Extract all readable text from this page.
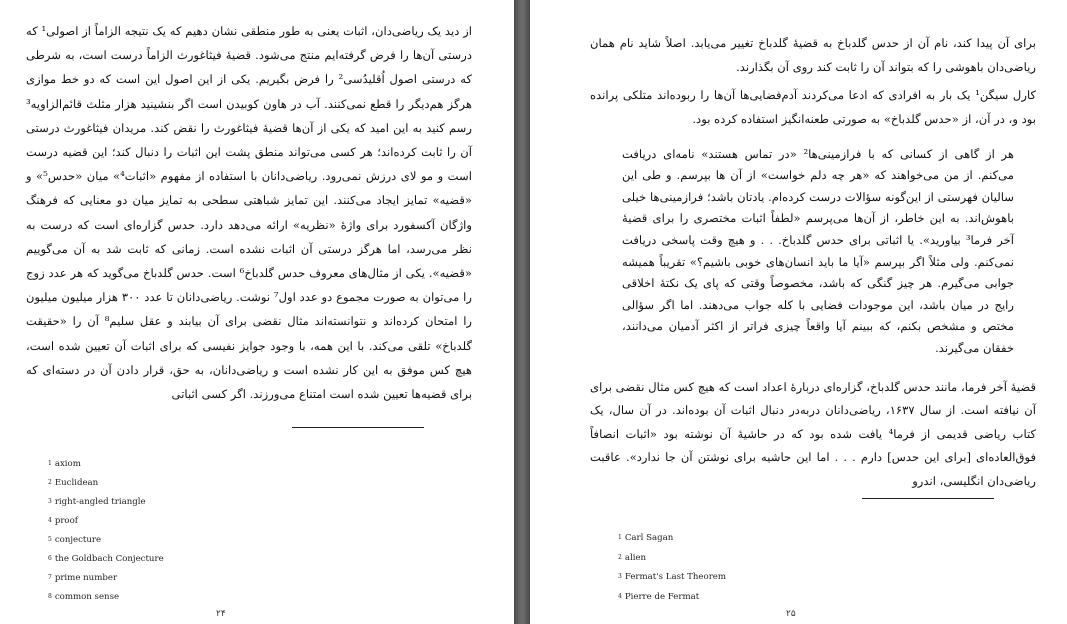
از دید یک ریاضی‌دان، اثبات یعنی به طور منطقی نشان دهیم که یک نتیجه الزاماً از اصولی¹ که درستی آن‌ها را فرض گرفته‌ایم منتج می‌شود. قضیهٔ فیثاغورث الزاماً درست است، به شرطی که درستی اصول اُقلیدُسی² را فرض بگیریم. یکی از این اصول این است که دو خط موازی هرگز هم‌دیگر را قطع نمی‌کنند. آب در هاون کوبیدن است اگر بنشینید هزار مثلث قائم‌الزاویه³ رسم کنید به این امید که یکی از آن‌ها قضیهٔ فیثاغورث را نقض کند. مریدان فیثاغورث درستی آن را ثابت کرده‌اند؛ هر کسی می‌تواند منطق پشت این اثبات را دنبال کند؛ این قضیه درست است و مو لای درزش نمی‌رود. ریاضی‌دانان با استفاده از مفهوم «اثبات⁴» میان «حدس⁵» و «قضیه» تمایز ایجاد می‌کنند. این تمایز شباهتی سطحی به تمایز میان دو معنایی که فرهنگ واژگان آکسفورد برای واژهٔ «نظریه» ارائه می‌دهد دارد. حدس گزاره‌ای است که درست به نظر می‌رسد، اما هرگز درستی آن اثبات نشده است. زمانی که ثابت شد به آن می‌گوییم «قضیه». یکی از مثال‌های معروف حدس گلدباخ⁶ است. حدس گلدباخ می‌گوید که هر عدد زوج را می‌توان به صورت مجموع دو عدد اول⁷ نوشت. ریاضی‌دانان تا عدد ۳۰۰ هزار میلیون میلیون را امتحان کرده‌اند و نتوانسته‌اند مثال نقضی برای آن بیابند و عقل سلیم⁸ آن را «حقیقت گلدباخ» تلقی می‌کند. با این همه، با وجود جوایز نفیسی که برای اثبات آن تعیین شده است، هیچ کس موفق به این کار نشده است و ریاضی‌دانان، به حق، قرار دادن آن در دسته‌ای که برای قضیه‌ها تعیین شده است امتناع می‌ورزند. اگر کسی اثباتی

$^1$ axiom
$^2$ Euclidean
$^3$ right-angled triangle
$^4$ proof
$^5$ conjecture
$^6$ the Goldbach Conjecture
$^7$ prime number
$^8$ common sense
۲۴

برای آن پیدا کند، نام آن از حدس گلدباخ به قضیهٔ گلدباخ تغییر می‌یابد. اصلاً شاید نام همان ریاضی‌دان باهوشی را که بتواند آن را ثابت کند روی آن بگذارند.

کارل سیگن¹ یک بار به افرادی که ادعا می‌کردند آدم‌فضایی‌ها آن‌ها را ربوده‌اند متلکی پرانده بود و، در آن، از «حدس گلدباخ» به صورتی طعنه‌انگیز استفاده کرده بود.

هر از گاهی از کسانی که با فرازمینی‌ها² «در تماس هستند» نامه‌ای دریافت می‌کنم. از من می‌خواهند که «هر چه دلم خواست» از آن ها بپرسم. و طی این سالیان فهرستی از این‌گونه سؤالات درست کرده‌ام. یادتان باشد؛ فرازمینی‌ها خیلی باهوش‌اند. به این خاطر، از آن‌ها می‌پرسم «لطفاً اثبات مختصری را برای قضیهٔ آخر فرما³ بیاورید». یا اثباتی برای حدس گلدباخ. . . و هیچ وقت پاسخی دریافت نمی‌کنم. ولی مثلاً اگر بپرسم «آیا ما باید انسان‌های خوبی باشیم؟» تقریباً همیشه جوابی می‌گیرم. هر چیز گنگی که باشد، مخصوصاً وقتی که پای یک نکتهٔ اخلاقی رایج در میان باشد، این موجودات فضایی با کله جواب می‌دهند. اما اگر سؤالی مختص و مشخص بکنم، که ببینم آیا واقعاً چیزی فراتر از اکثر آدمیان می‌دانند، خفقان می‌گیرند.

قضیهٔ آخر فرما، مانند حدس گلدباخ، گزاره‌ای دربارهٔ اعداد است که هیچ کس مثال نقضی برای آن نیافته است. از سال ۱۶۳۷، ریاضی‌دانان دربه‌در دنبال اثبات آن بوده‌اند. در آن سال، یک کتاب ریاضی قدیمی از فرما⁴ یافت شده بود که در حاشیهٔ آن نوشته بود «اثبات انصافاً فوق‌العاده‌ای [برای این حدس] دارم . . . اما این حاشیه برای نوشتن آن جا ندارد». عاقبت ریاضی‌دان انگلیسی، اندرو

$^1$ Carl Sagan
$^2$ alien
$^3$ Fermat's Last Theorem
$^4$ Pierre de Fermat
۲۵
